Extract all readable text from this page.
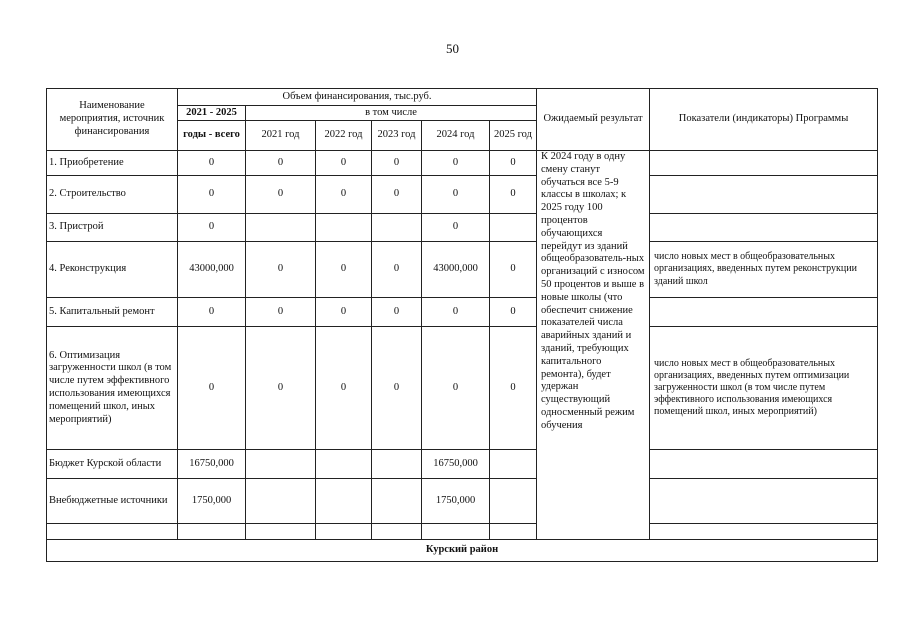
50
Наименование мероприятия, источник финансирования	Объем финансирования, тыс.руб.						Ожидаемый результат	Показатели (индикаторы) Программы
	2021 - 2025	в том числе						
	годы - всего	2021 год	2022 год	2023 год	2024 год	2025 год		
1. Приобретение	0	0	0	0	0	0	К 2024 году в одну смену станут обучаться все 5-9 классы в школах; к 2025 году 100 процентов обучающихся перейдут из зданий общеобразователь-ных организаций с износом 50 процентов и выше в новые школы (что обеспечит снижение показателей числа аварийных зданий и зданий, требующих капитального ремонта), будет удержан существующий односменный режим обучения	
2. Строительство	0	0	0	0	0	0		
3. Пристрой	0				0			
4. Реконструкция	43000,000	0	0	0	43000,000	0		число новых мест в общеобразовательных организациях, введенных путем реконструкции зданий школ
5. Капитальный ремонт	0	0	0	0	0	0		
6. Оптимизация загруженности школ (в том числе путем эффективного использования имеющихся помещений школ, иных мероприятий)	0	0	0	0	0	0		число новых мест в общеобразовательных организациях, введенных путем оптимизации загруженности школ (в том числе путем эффективного использования имеющихся помещений школ, иных мероприятий)
Бюджет Курской области	16750,000				16750,000			
Внебюджетные источники	1750,000				1750,000			

Курский район								
